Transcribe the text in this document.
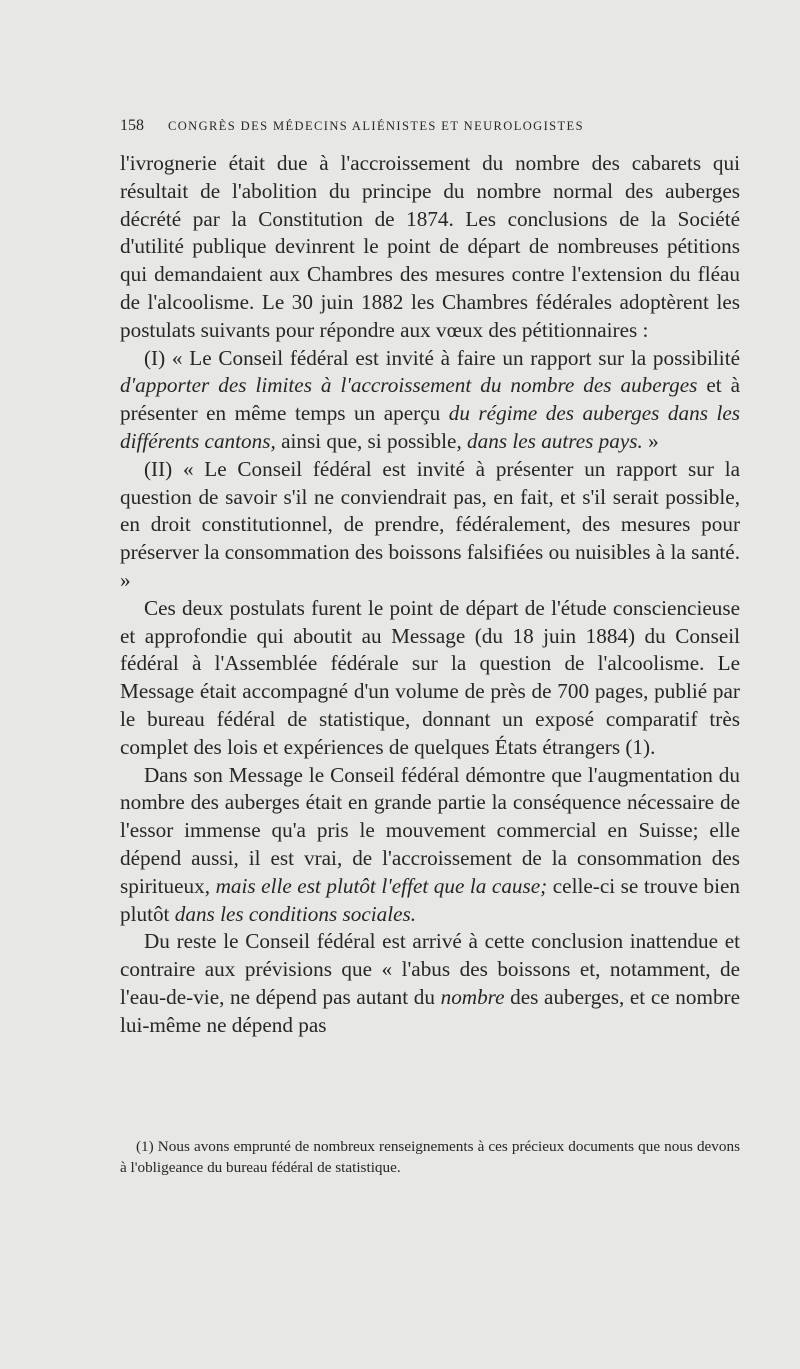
158 CONGRÈS DES MÉDECINS ALIÉNISTES ET NEUROLOGISTES

l'ivrognerie était due à l'accroissement du nombre des cabarets qui résultait de l'abolition du principe du nombre normal des auberges décrété par la Constitution de 1874. Les conclusions de la Société d'utilité publique devinrent le point de départ de nombreuses pétitions qui demandaient aux Chambres des mesures contre l'extension du fléau de l'alcoolisme. Le 30 juin 1882 les Chambres fédérales adoptèrent les postulats suivants pour répondre aux vœux des pétitionnaires :

(I) « Le Conseil fédéral est invité à faire un rapport sur la possibilité d'apporter des limites à l'accroissement du nombre des auberges et à présenter en même temps un aperçu du régime des auberges dans les différents cantons, ainsi que, si possible, dans les autres pays. »

(II) « Le Conseil fédéral est invité à présenter un rapport sur la question de savoir s'il ne conviendrait pas, en fait, et s'il serait possible, en droit constitutionnel, de prendre, fédéralement, des mesures pour préserver la consommation des boissons falsifiées ou nuisibles à la santé. »

Ces deux postulats furent le point de départ de l'étude consciencieuse et approfondie qui aboutit au Message (du 18 juin 1884) du Conseil fédéral à l'Assemblée fédérale sur la question de l'alcoolisme. Le Message était accompagné d'un volume de près de 700 pages, publié par le bureau fédéral de statistique, donnant un exposé comparatif très complet des lois et expériences de quelques États étrangers (1).

Dans son Message le Conseil fédéral démontre que l'augmentation du nombre des auberges était en grande partie la conséquence nécessaire de l'essor immense qu'a pris le mouvement commercial en Suisse; elle dépend aussi, il est vrai, de l'accroissement de la consommation des spiritueux, mais elle est plutôt l'effet que la cause; celle-ci se trouve bien plutôt dans les conditions sociales.

Du reste le Conseil fédéral est arrivé à cette conclusion inattendue et contraire aux prévisions que « l'abus des boissons et, notamment, de l'eau-de-vie, ne dépend pas autant du nombre des auberges, et ce nombre lui-même ne dépend pas

(1) Nous avons emprunté de nombreux renseignements à ces précieux documents que nous devons à l'obligeance du bureau fédéral de statistique.
